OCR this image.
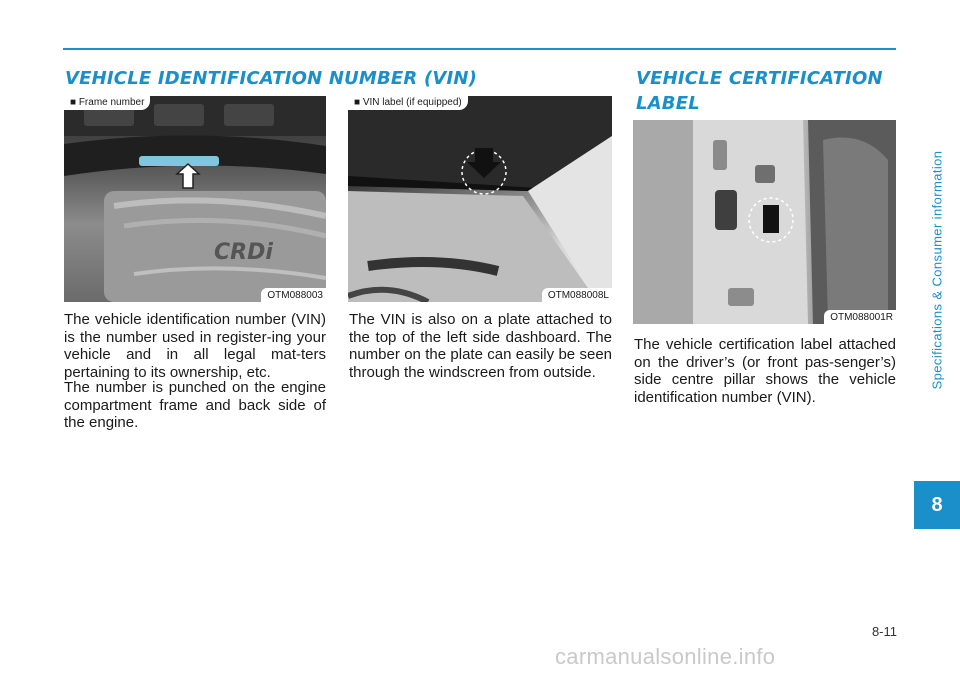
Specifications & Consumer information
8
VEHICLE IDENTIFICATION NUMBER (VIN)	VEHICLE CERTIFICATION LABEL
CRDi
■ Frame number
OTM088003
■ VIN label (if equipped)
OTM088008L
OTM088001R

The vehicle identification number (VIN) is the number used in register-ing your vehicle and in all legal mat-ters pertaining to its ownership, etc.

The number is punched on the engine compartment frame and back side of the engine.

The VIN is also on a plate attached to the top of the left side dashboard. The number on the plate can easily be seen through the windscreen from outside.

The vehicle certification label attached on the driver’s (or front pas-senger’s) side centre pillar shows the vehicle identification number (VIN).

8-11
carmanualsonline.info
